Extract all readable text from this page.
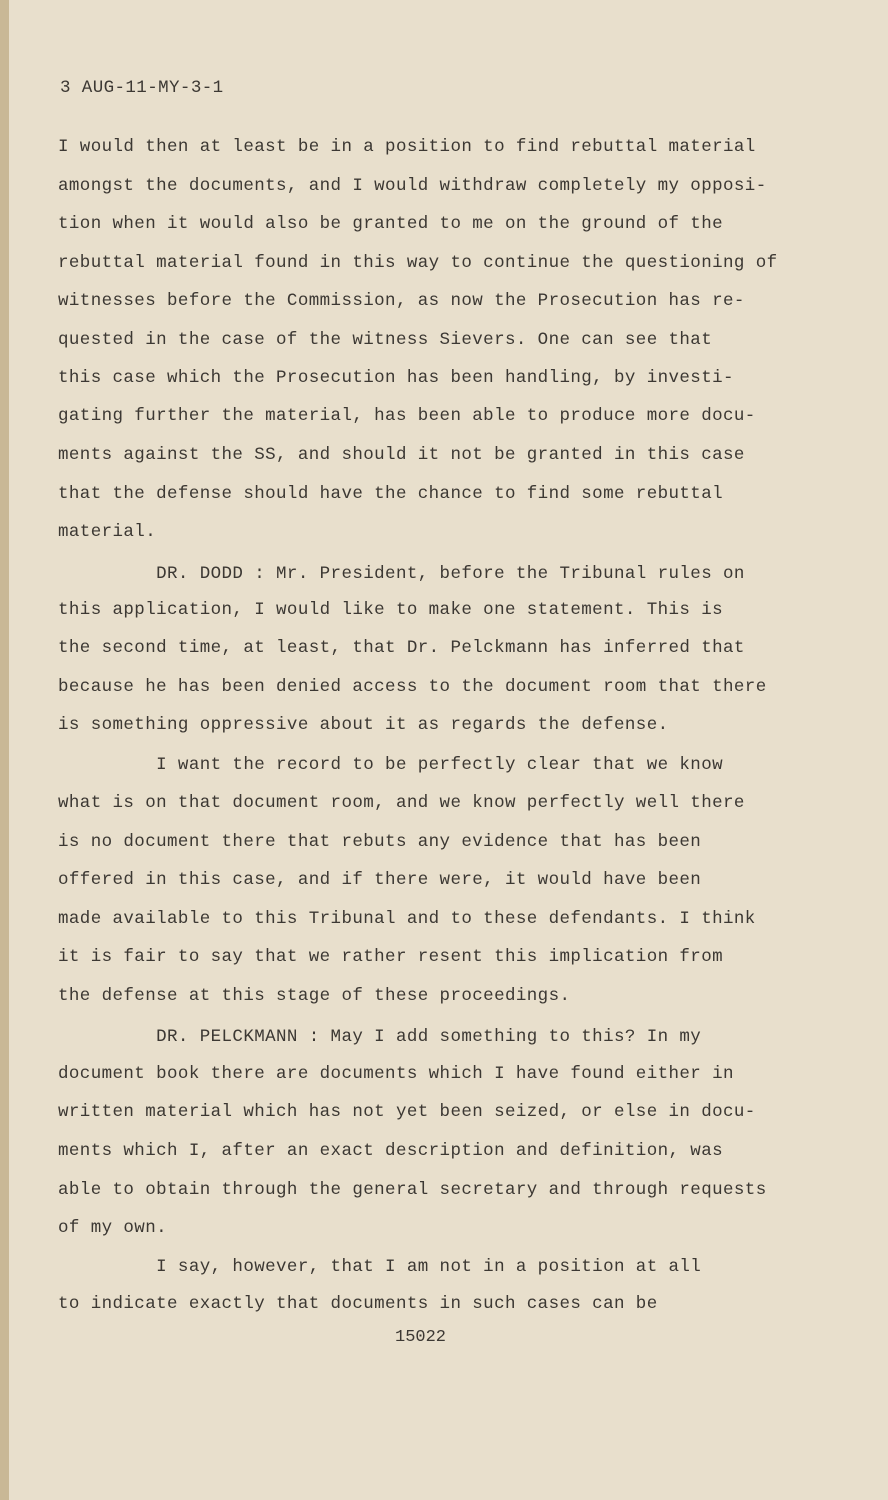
3 AUG-11-MY-3-1
I would then at least be in a position to find rebuttal material
amongst the documents, and I would withdraw completely my opposi-
tion when it would also be granted to me on the ground of the
rebuttal material found in this way to continue the questioning of
witnesses before the Commission, as now the Prosecution has re-
quested in the case of the witness Sievers. One can see that
this case which the Prosecution has been handling, by investi-
gating further the material, has been able to produce more docu-
ments against the SS, and should it not be granted in this case
that the defense should have the chance to find some rebuttal
material.
DR. DODD : Mr. President, before the Tribunal rules on
this application, I would like to make one statement. This is
the second time, at least, that Dr. Pelckmann has inferred that
because he has been denied access to the document room that there
is something oppressive about it as regards the defense.
I want the record to be perfectly clear that we know
what is on that document room, and we know perfectly well there
is no document there that rebuts any evidence that has been
offered in this case, and if there were, it would have been
made available to this Tribunal and to these defendants. I think
it is fair to say that we rather resent this implication from
the defense at this stage of these proceedings.
DR. PELCKMANN : May I add something to this? In my
document book there are documents which I have found either in
written material which has not yet been seized, or else in docu-
ments which I, after an exact description and definition, was
able to obtain through the general secretary and through requests
of my own.
I say, however, that I am not in a position at all
to indicate exactly that documents in such cases can be
15022
